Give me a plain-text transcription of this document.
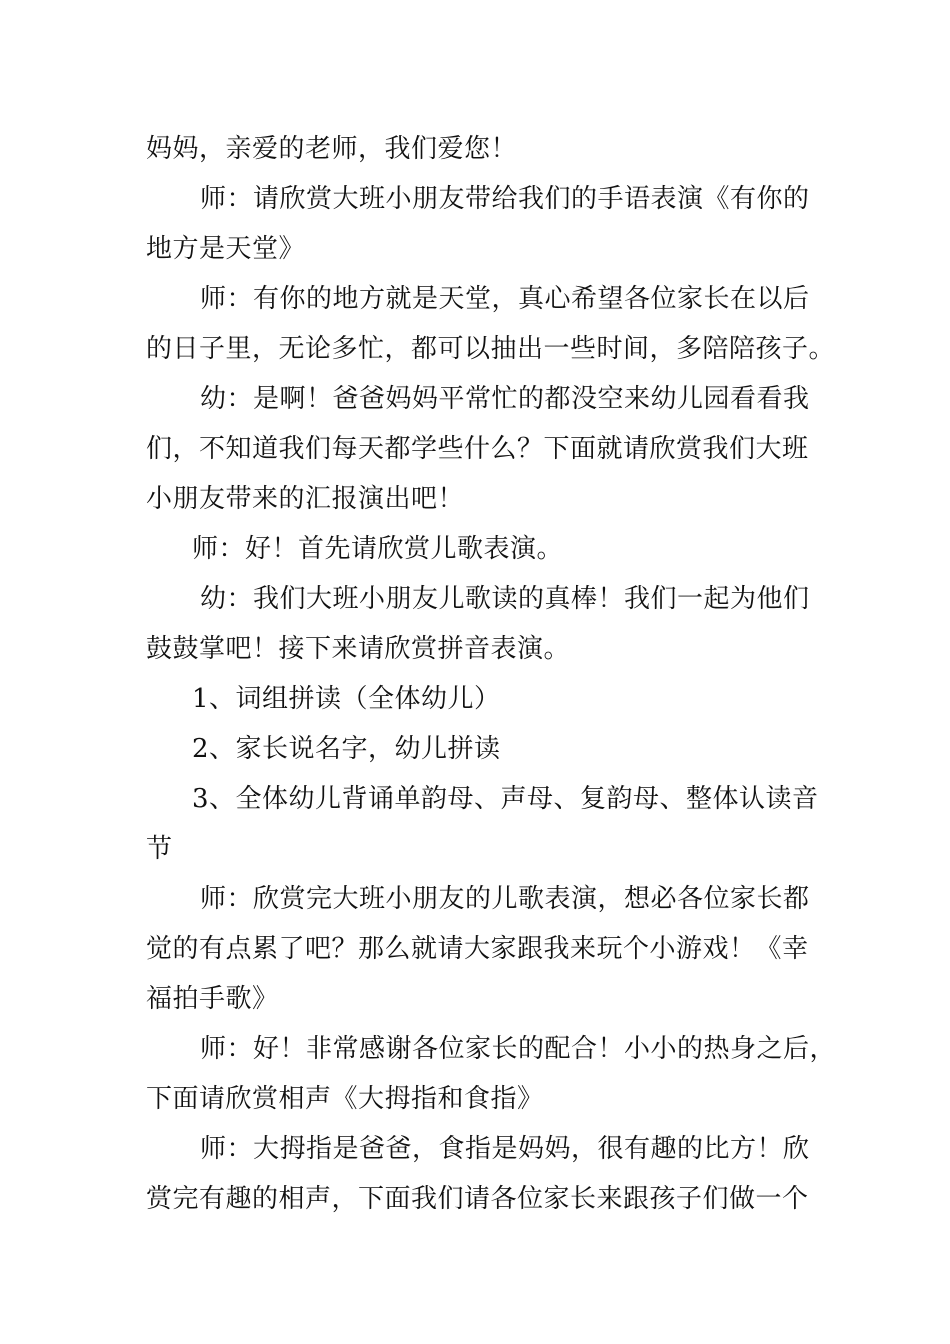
妈妈，亲爱的老师，我们爱您！
师：请欣赏大班小朋友带给我们的手语表演《有你的
地方是天堂》
师：有你的地方就是天堂，真心希望各位家长在以后
的日子里，无论多忙，都可以抽出一些时间，多陪陪孩子。
幼：是啊！爸爸妈妈平常忙的都没空来幼儿园看看我
们，不知道我们每天都学些什么？下面就请欣赏我们大班
小朋友带来的汇报演出吧！
师：好！首先请欣赏儿歌表演。
幼：我们大班小朋友儿歌读的真棒！我们一起为他们
鼓鼓掌吧！接下来请欣赏拼音表演。
1、词组拼读（全体幼儿）
2、家长说名字，幼儿拼读
3、全体幼儿背诵单韵母、声母、复韵母、整体认读音
节
师：欣赏完大班小朋友的儿歌表演，想必各位家长都
觉的有点累了吧？那么就请大家跟我来玩个小游戏！《幸
福拍手歌》
师：好！非常感谢各位家长的配合！小小的热身之后，
下面请欣赏相声《大拇指和食指》
师：大拇指是爸爸，食指是妈妈，很有趣的比方！欣
赏完有趣的相声，下面我们请各位家长来跟孩子们做一个
